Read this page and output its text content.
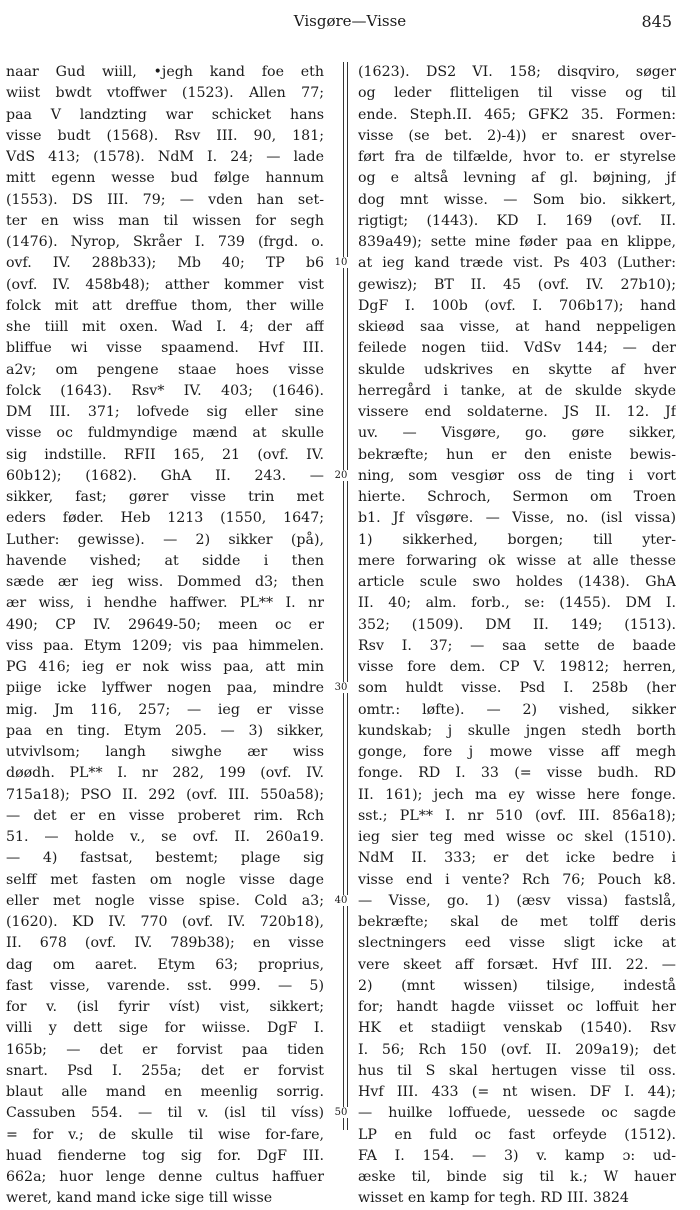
Visgøre—Visse	845
naar Gud wiill, •jegh kand foe eth
wiist bwdt vtoffwer (1523). Allen 77;
paa V landzting war schicket hans
visse budt (1568). Rsv III. 90, 181;
VdS 413; (1578). NdM I. 24; — lade
mitt egenn wesse bud følge hannum
(1553). DS III. 79; — vden han set-
ter en wiss man til wissen for segh
(1476). Nyrop, Skråer I. 739 (frgd. o.
ovf. IV. 288b33); Mb 40; TP b6
(ovf. IV. 458b48); atther kommer vist
folck mit att dreffue thom, ther wille
she tiill mit oxen. Wad I. 4; der aff
bliffue wi visse spaamend. Hvf III.
a2v; om pengene staae hoes visse
folck (1643). Rsv* IV. 403; (1646).
DM III. 371; lofvede sig eller sine
visse oc fuldmyndige mænd at skulle
sig indstille. RFII 165, 21 (ovf. IV.
60b12); (1682). GhA II. 243. —
sikker, fast; gører visse trin met
eders føder. Heb 1213 (1550, 1647;
Luther: gewisse). — 2) sikker (på),
havende vished; at sidde i then
sæde ær ieg wiss. Dommed d3; then
ær wiss, i hendhe haffwer. PL** I. nr
490; CP IV. 29649-50; meen oc er
viss paa. Etym 1209; vis paa himmelen.
PG 416; ieg er nok wiss paa, att min
piige icke lyffwer nogen paa, mindre
mig. Jm 116, 257; — ieg er visse
paa en ting. Etym 205. — 3) sikker,
utvivlsom; langh siwghe ær wiss
døødh. PL** I. nr 282, 199 (ovf. IV.
715a18); PSO II. 292 (ovf. III. 550a58);
— det er en visse proberet rim. Rch
51. — holde v., se ovf. II. 260a19.
— 4) fastsat, bestemt; plage sig
selff met fasten om nogle visse dage
eller met nogle visse spise. Cold a3;
(1620). KD IV. 770 (ovf. IV. 720b18),
II. 678 (ovf. IV. 789b38); en visse
dag om aaret. Etym 63; proprius,
fast visse, varende. sst. 999. — 5)
for v. (isl fyrir víst) vist, sikkert;
villi y dett sige for wiisse. DgF I.
165b; — det er forvist paa tiden
snart. Psd I. 255a; det er forvist
blaut alle mand en meenlig sorrig.
Cassuben 554. — til v. (isl til víss)
= for v.; de skulle til wise for-fare,
huad fienderne tog sig for. DgF III.
662a; huor lenge denne cultus haffuer
weret, kand mand icke sige till wisse
10
20
30
40
50
(1623). DS2 VI. 158; disqviro, søger
og leder flitteligen til visse og til
ende. Steph.II. 465; GFK2 35. Formen:
visse (se bet. 2)-4)) er snarest over-
ført fra de tilfælde, hvor to. er styrelse
og e altså levning af gl. bøjning, jf
dog mnt wisse. — Som bio. sikkert,
rigtigt; (1443). KD I. 169 (ovf. II.
839a49); sette mine føder paa en klippe,
at ieg kand træde vist. Ps 403 (Luther:
gewisz); BT II. 45 (ovf. IV. 27b10);
DgF I. 100b (ovf. I. 706b17); hand
skieød saa visse, at hand neppeligen
feilede nogen tiid. VdSv 144; — der
skulde udskrives en skytte af hver
herregård i tanke, at de skulde skyde
vissere end soldaterne. JS II. 12. Jf
uv. — Visgøre, go. gøre sikker,
bekræfte; hun er den eniste bewis-
ning, som vesgiør oss de ting i vort
hierte. Schroch, Sermon om Troen
b1. Jf vîsgøre. — Visse, no. (isl vissa)
1) sikkerhed, borgen; till yter-
mere forwaring ok wisse at alle thesse
article scule swo holdes (1438). GhA
II. 40; alm. forb., se: (1455). DM I.
352; (1509). DM II. 149; (1513).
Rsv I. 37; — saa sette de baade
visse fore dem. CP V. 19812; herren,
som huldt visse. Psd I. 258b (her
omtr.: løfte). — 2) vished, sikker
kundskab; j skulle jngen stedh borth
gonge, fore j mowe visse aff megh
fonge. RD I. 33 (= visse budh. RD
II. 161); jech ma ey wisse here fonge.
sst.; PL** I. nr 510 (ovf. III. 856a18);
ieg sier teg med wisse oc skel (1510).
NdM II. 333; er det icke bedre i
visse end i vente? Rch 76; Pouch k8.
— Visse, go. 1) (æsv vissa) fastslå,
bekræfte; skal de met tolff deris
slectningers eed visse sligt icke at
vere skeet aff forsæt. Hvf III. 22. —
2) (mnt wissen) tilsige, indestå
for; handt hagde viisset oc loffuit her
HK et stadiigt venskab (1540). Rsv
I. 56; Rch 150 (ovf. II. 209a19); det
hus til S skal hertugen visse til oss.
Hvf III. 433 (= nt wisen. DF I. 44);
— huilke loffuede, uessede oc sagde
LP en fuld oc fast orfeyde (1512).
FA I. 154. — 3) v. kamp ɔ: ud-
æske til, binde sig til k.; W hauer
wisset en kamp for tegh. RD III. 3824
